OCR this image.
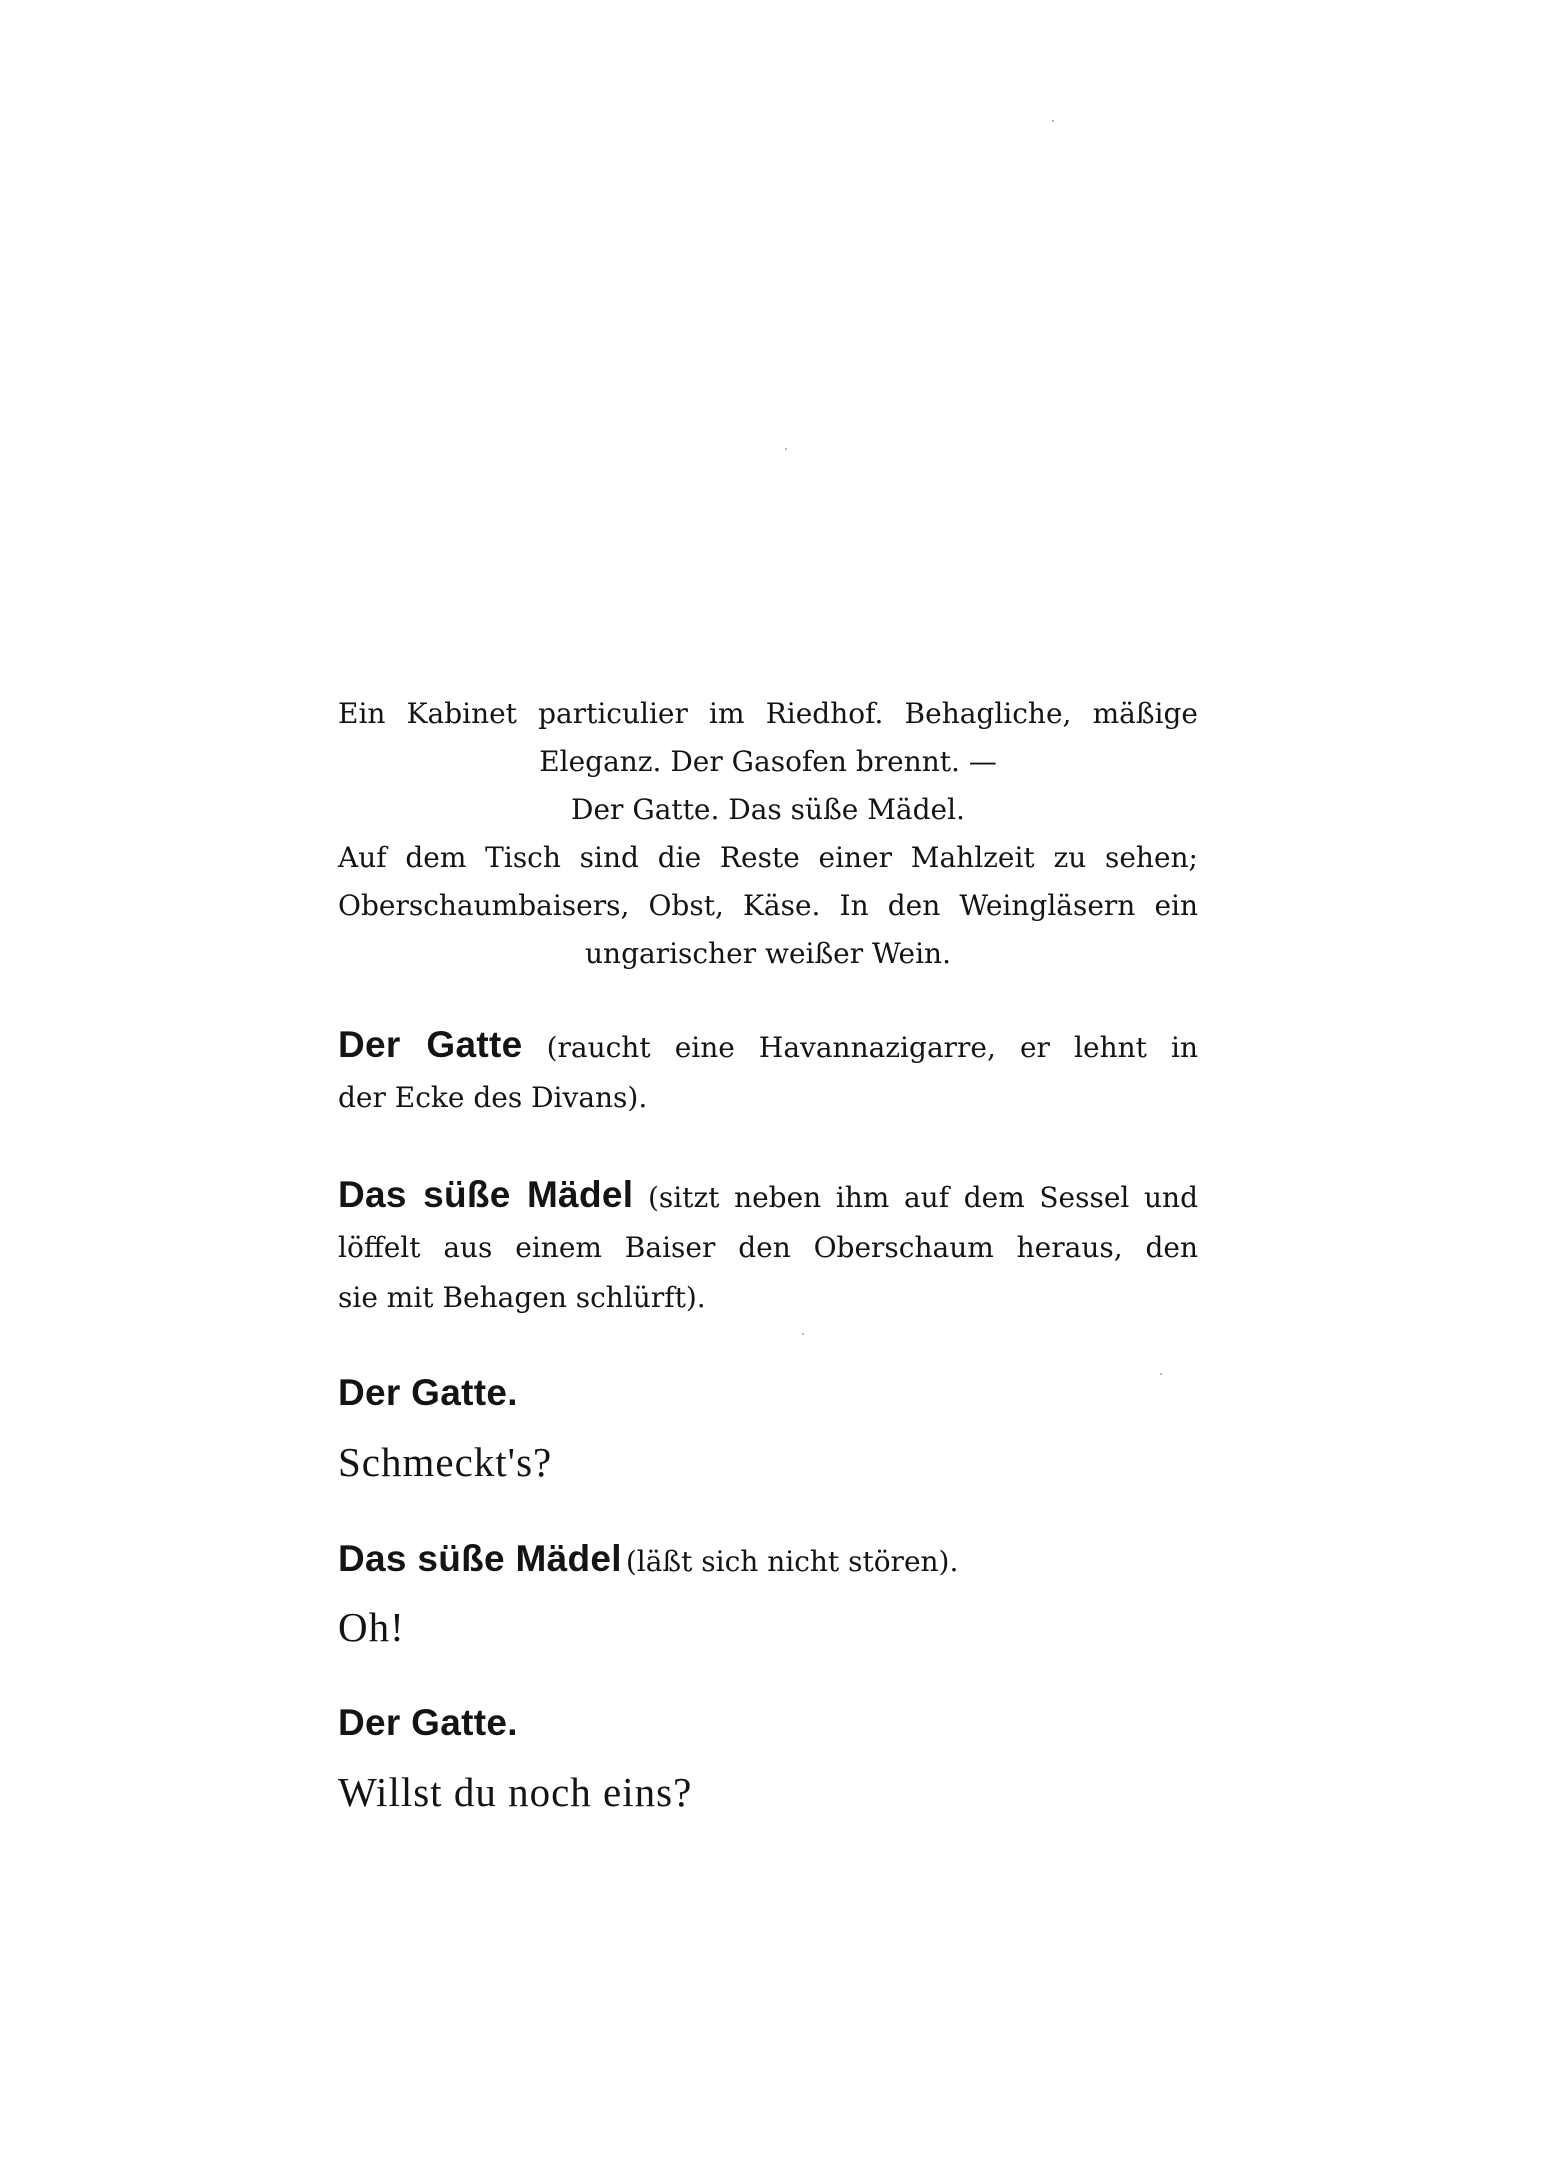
Ein Kabinet particulier im Riedhof. Behagliche, mäßige
Eleganz. Der Gasofen brennt. —
Der Gatte. Das süße Mädel.
Auf dem Tisch sind die Reste einer Mahlzeit zu sehen;
Oberschaumbaisers, Obst, Käse. In den Weingläsern ein
ungarischer weißer Wein.
Der Gatte (raucht eine Havannazigarre, er lehnt in
der Ecke des Divans).
Das süße Mädel (sitzt neben ihm auf dem Sessel und
löffelt aus einem Baiser den Oberschaum heraus, den
sie mit Behagen schlürft).
Der Gatte.
Schmeckt's?
Das süße Mädel (läßt sich nicht stören).
Oh!
Der Gatte.
Willst du noch eins?
